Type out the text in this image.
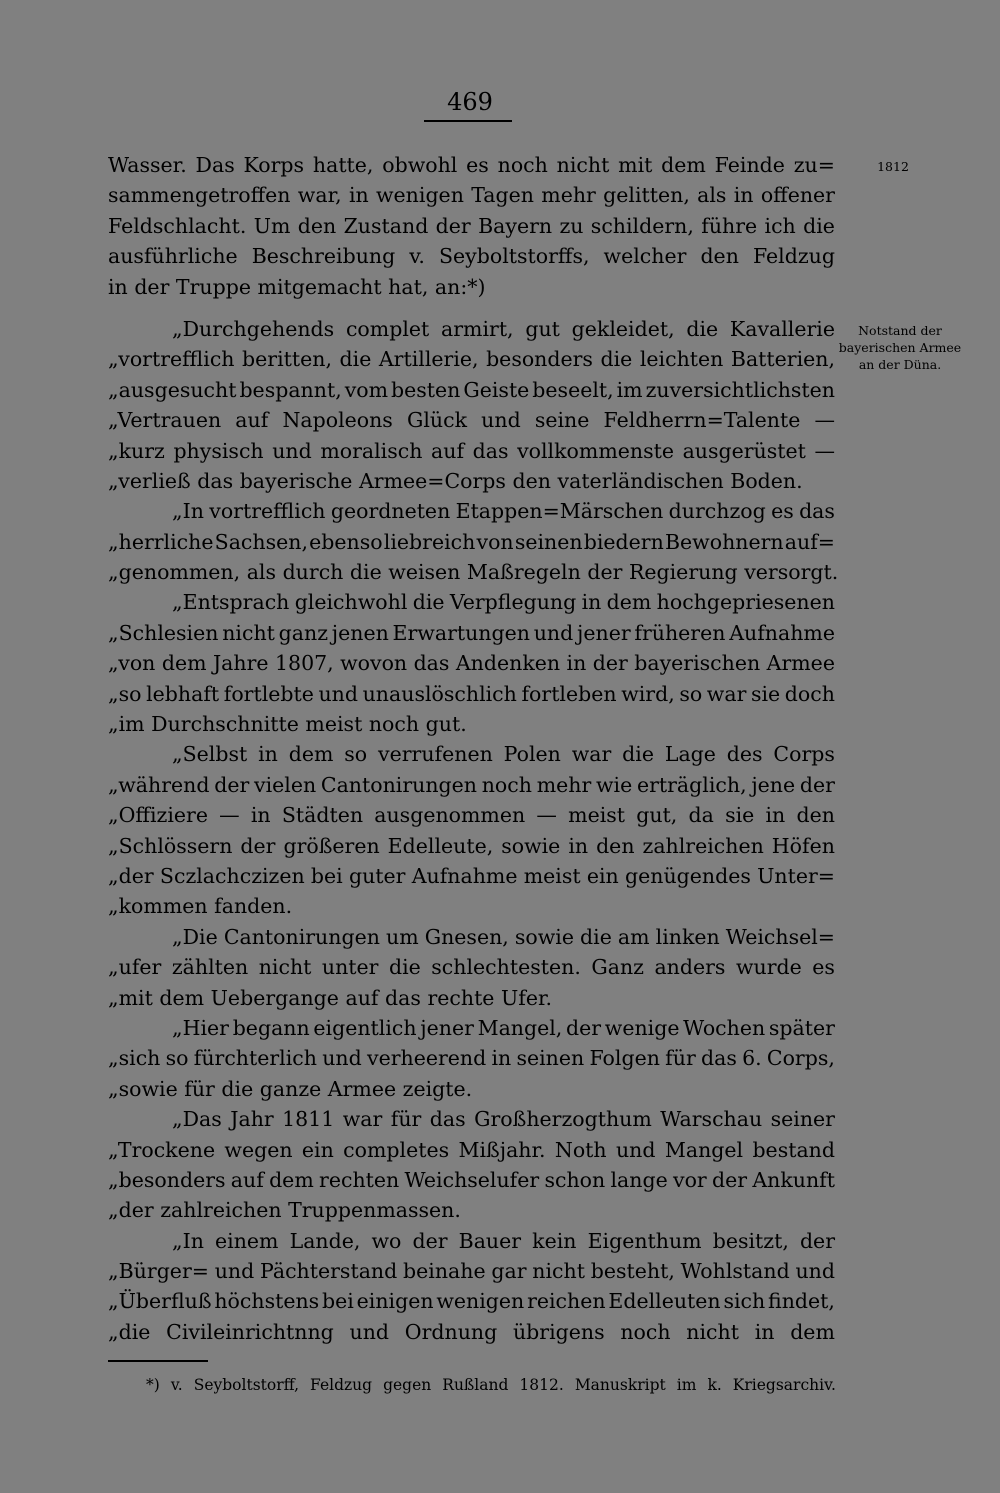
469
1812
Notstand der
bayerischen Armee
an der Düna.
Wasser. Das Korps hatte, obwohl es noch nicht mit dem Feinde zu=
sammengetroffen war, in wenigen Tagen mehr gelitten, als in offener
Feldschlacht. Um den Zustand der Bayern zu schildern, führe ich die
ausführliche Beschreibung v. Seyboltstorffs, welcher den Feldzug
in der Truppe mitgemacht hat, an:*)
„Durchgehends complet armirt, gut gekleidet, die Kavallerie
„vortrefflich beritten, die Artillerie, besonders die leichten Batterien,
„ausgesucht bespannt, vom besten Geiste beseelt, im zuversichtlichsten
„Vertrauen auf Napoleons Glück und seine Feldherrn=Talente —
„kurz physisch und moralisch auf das vollkommenste ausgerüstet —
„verließ das bayerische Armee=Corps den vaterländischen Boden.
„In vortrefflich geordneten Etappen=Märschen durchzog es das
„herrliche Sachsen, ebenso liebreich von seinen biedern Bewohnern auf=
„genommen, als durch die weisen Maßregeln der Regierung versorgt.
„Entsprach gleichwohl die Verpflegung in dem hochgepriesenen
„Schlesien nicht ganz jenen Erwartungen und jener früheren Aufnahme
„von dem Jahre 1807, wovon das Andenken in der bayerischen Armee
„so lebhaft fortlebte und unauslöschlich fortleben wird, so war sie doch
„im Durchschnitte meist noch gut.
„Selbst in dem so verrufenen Polen war die Lage des Corps
„während der vielen Cantonirungen noch mehr wie erträglich, jene der
„Offiziere — in Städten ausgenommen — meist gut, da sie in den
„Schlössern der größeren Edelleute, sowie in den zahlreichen Höfen
„der Sczlachczizen bei guter Aufnahme meist ein genügendes Unter=
„kommen fanden.
„Die Cantonirungen um Gnesen, sowie die am linken Weichsel=
„ufer zählten nicht unter die schlechtesten. Ganz anders wurde es
„mit dem Uebergange auf das rechte Ufer.
„Hier begann eigentlich jener Mangel, der wenige Wochen später
„sich so fürchterlich und verheerend in seinen Folgen für das 6. Corps,
„sowie für die ganze Armee zeigte.
„Das Jahr 1811 war für das Großherzogthum Warschau seiner
„Trockene wegen ein completes Mißjahr. Noth und Mangel bestand
„besonders auf dem rechten Weichselufer schon lange vor der Ankunft
„der zahlreichen Truppenmassen.
„In einem Lande, wo der Bauer kein Eigenthum besitzt, der
„Bürger= und Pächterstand beinahe gar nicht besteht, Wohlstand und
„Überfluß höchstens bei einigen wenigen reichen Edelleuten sich findet,
„die Civileinrichtnng und Ordnung übrigens noch nicht in dem
*) v. Seyboltstorff, Feldzug gegen Rußland 1812. Manuskript im k. Kriegsarchiv.
